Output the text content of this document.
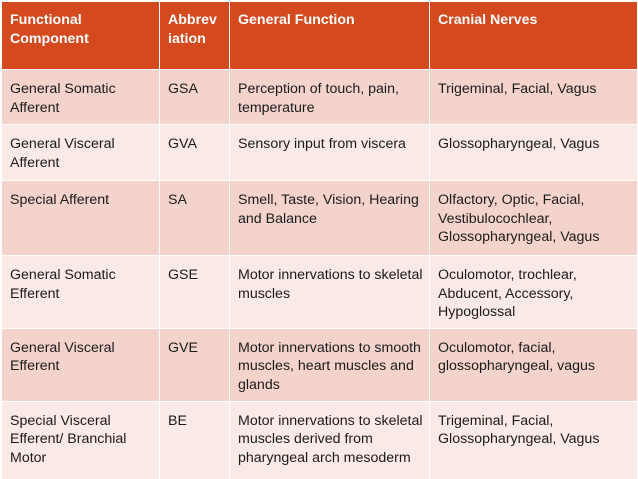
Functional Component	Abbrev iation	General Function	Cranial Nerves

General Somatic Afferent	GSA	Perception of touch, pain, temperature	Trigeminal, Facial, Vagus

General Visceral Afferent	GVA	Sensory input from viscera	Glossopharyngeal, Vagus

Special Afferent	SA	Smell, Taste, Vision, Hearing and Balance	Olfactory, Optic, Facial, Vestibulocochlear, Glossopharyngeal, Vagus

General Somatic Efferent	GSE	Motor innervations to skeletal muscles	Oculomotor, trochlear, Abducent, Accessory, Hypoglossal

General Visceral Efferent	GVE	Motor innervations to smooth muscles, heart muscles and glands	Oculomotor, facial, glossopharyngeal, vagus

Special Visceral Efferent/ Branchial Motor	BE	Motor innervations to skeletal muscles derived from pharyngeal arch mesoderm	Trigeminal, Facial, Glossopharyngeal, Vagus
